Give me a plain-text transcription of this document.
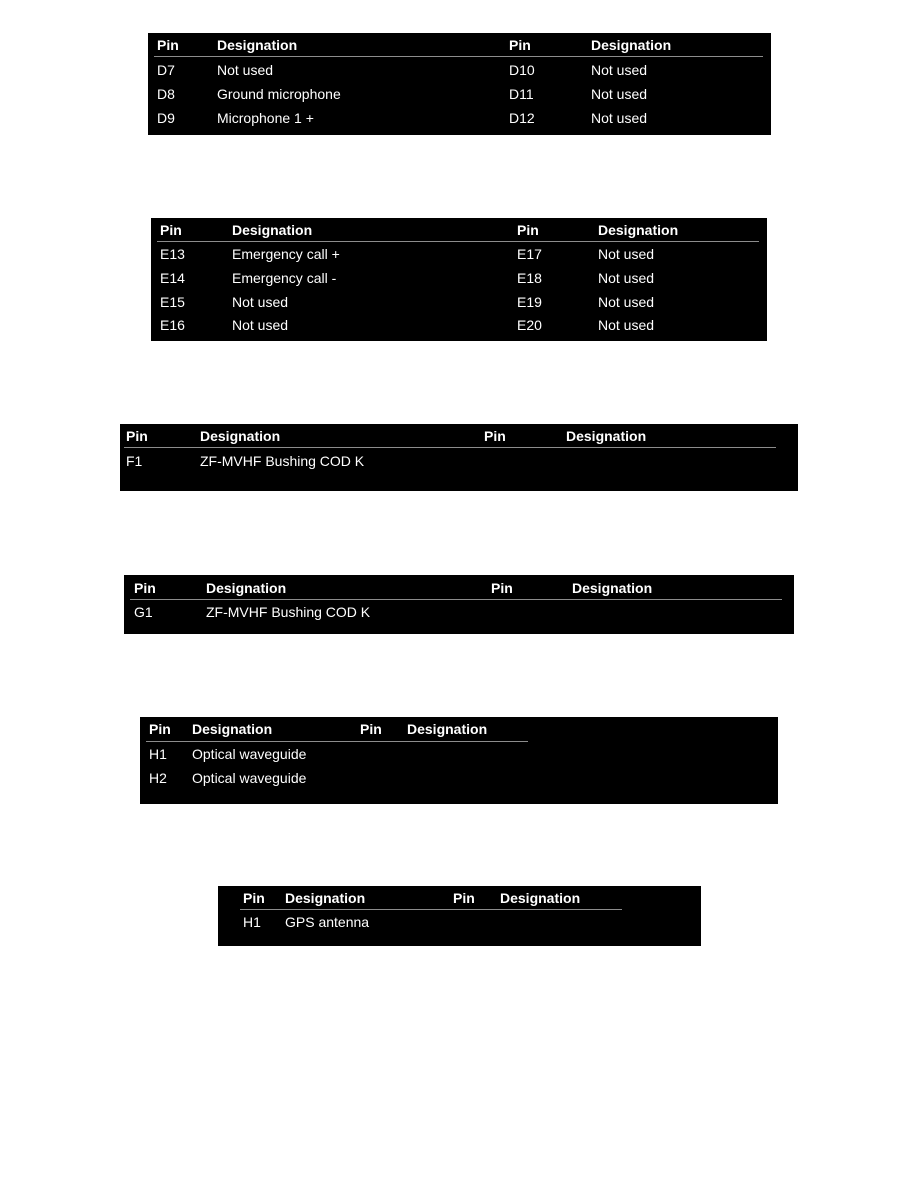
Pin	Designation	Pin	Designation
D7	Not used	D10	Not used
D8	Ground microphone	D11	Not used
D9	Microphone 1 +	D12	Not used
Pin	Designation	Pin	Designation
E13	Emergency call +	E17	Not used
E14	Emergency call -	E18	Not used
E15	Not used	E19	Not used
E16	Not used	E20	Not used
Pin	Designation	Pin	Designation
F1	ZF-MVHF Bushing COD K
Pin	Designation	Pin	Designation
G1	ZF-MVHF Bushing COD K
Pin Designation	Pin Designation
H1 Optical waveguide
H2 Optical waveguide
Pin Designation	Pin Designation
H1 GPS antenna
